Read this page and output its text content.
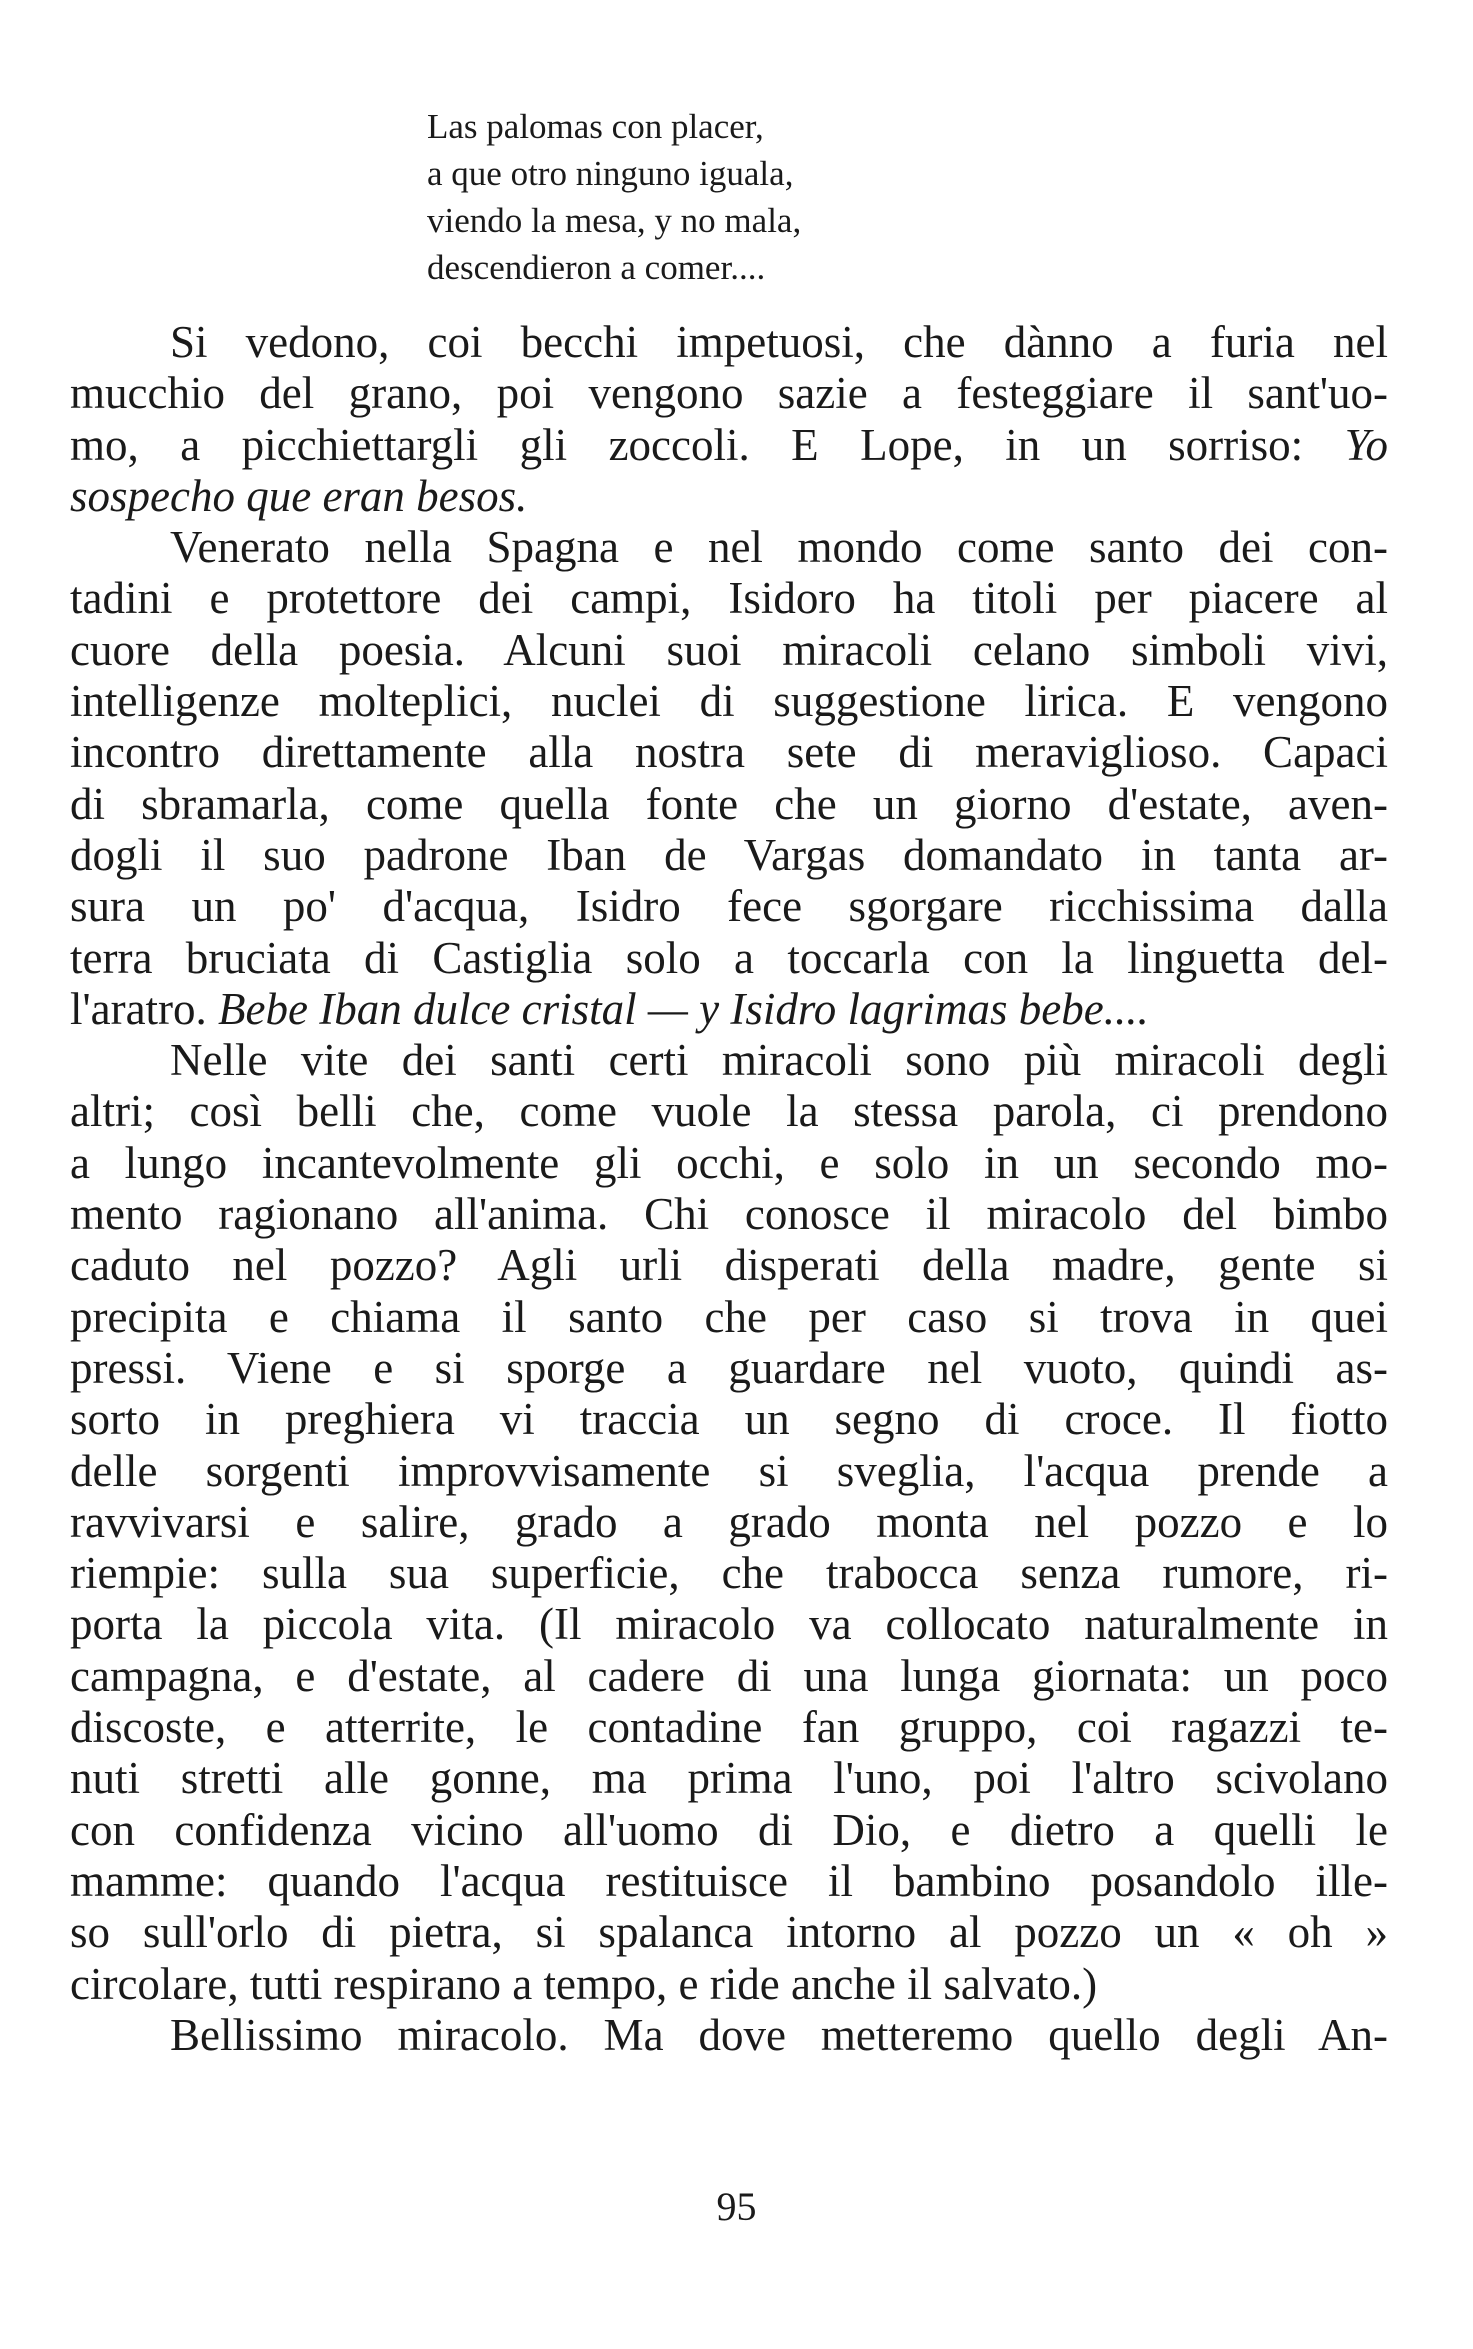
Las palomas con placer,
a que otro ninguno iguala,
viendo la mesa, y no mala,
descendieron a comer....
Si vedono, coi becchi impetuosi, che dànno a furia nel
mucchio del grano, poi vengono sazie a festeggiare il sant'uo-
mo, a picchiettargli gli zoccoli. E Lope, in un sorriso: Yo
sospecho que eran besos.
Venerato nella Spagna e nel mondo come santo dei con-
tadini e protettore dei campi, Isidoro ha titoli per piacere al
cuore della poesia. Alcuni suoi miracoli celano simboli vivi,
intelligenze molteplici, nuclei di suggestione lirica. E vengono
incontro direttamente alla nostra sete di meraviglioso. Capaci
di sbramarla, come quella fonte che un giorno d'estate, aven-
dogli il suo padrone Iban de Vargas domandato in tanta ar-
sura un po' d'acqua, Isidro fece sgorgare ricchissima dalla
terra bruciata di Castiglia solo a toccarla con la linguetta del-
l'aratro. Bebe Iban dulce cristal — y Isidro lagrimas bebe....
Nelle vite dei santi certi miracoli sono più miracoli degli
altri; così belli che, come vuole la stessa parola, ci prendono
a lungo incantevolmente gli occhi, e solo in un secondo mo-
mento ragionano all'anima. Chi conosce il miracolo del bimbo
caduto nel pozzo? Agli urli disperati della madre, gente si
precipita e chiama il santo che per caso si trova in quei
pressi. Viene e si sporge a guardare nel vuoto, quindi as-
sorto in preghiera vi traccia un segno di croce. Il fiotto
delle sorgenti improvvisamente si sveglia, l'acqua prende a
ravvivarsi e salire, grado a grado monta nel pozzo e lo
riempie: sulla sua superficie, che trabocca senza rumore, ri-
porta la piccola vita. (Il miracolo va collocato naturalmente in
campagna, e d'estate, al cadere di una lunga giornata: un poco
discoste, e atterrite, le contadine fan gruppo, coi ragazzi te-
nuti stretti alle gonne, ma prima l'uno, poi l'altro scivolano
con confidenza vicino all'uomo di Dio, e dietro a quelli le
mamme: quando l'acqua restituisce il bambino posandolo ille-
so sull'orlo di pietra, si spalanca intorno al pozzo un « oh »
circolare, tutti respirano a tempo, e ride anche il salvato.)
Bellissimo miracolo. Ma dove metteremo quello degli An-
95
